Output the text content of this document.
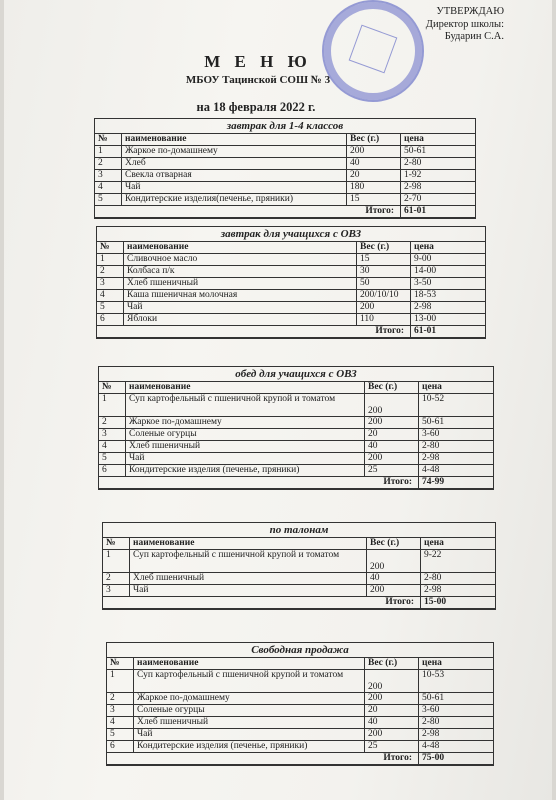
УТВЕРЖДАЮ
Директор школы:
Бударин С.А.
М Е Н Ю
МБОУ Тацинской СОШ № 3
на 18 февраля 2022 г.
завтрак для 1-4 классов
№	наименование	Вес (г.)	цена
1	Жаркое по-домашнему	200	50-61
2	Хлеб	40	2-80
3	Свекла отварная	20	1-92
4	Чай	180	2-98
5	Кондитерские изделия(печенье, пряники)	15	2-70
Итого:			61-01
завтрак для учащихся с ОВЗ
№	наименование	Вес (г.)	цена
1	Сливочное масло	15	9-00
2	Колбаса п/к	30	14-00
3	Хлеб пшеничный	50	3-50
4	Каша пшеничная молочная	200/10/10	18-53
5	Чай	200	2-98
6	Яблоки	110	13-00
Итого:			61-01
обед для учащихся с ОВЗ
№	наименование	Вес (г.)	цена
1	Суп картофельный с пшеничной крупой и томатом	200	10-52
2	Жаркое по-домашнему	200	50-61
3	Соленые огурцы	20	3-60
4	Хлеб пшеничный	40	2-80
5	Чай	200	2-98
6	Кондитерские изделия (печенье, пряники)	25	4-48
Итого:			74-99
по талонам
№	наименование	Вес (г.)	цена
1	Суп картофельный с пшеничной крупой и томатом	200	9-22
2	Хлеб пшеничный	40	2-80
3	Чай	200	2-98
Итого:			15-00
Свободная продажа
№	наименование	Вес (г.)	цена
1	Суп картофельный с пшеничной крупой и томатом	200	10-53
2	Жаркое по-домашнему	200	50-61
3	Соленые огурцы	20	3-60
4	Хлеб пшеничный	40	2-80
5	Чай	200	2-98
6	Кондитерские изделия (печенье, пряники)	25	4-48
Итого:			75-00
